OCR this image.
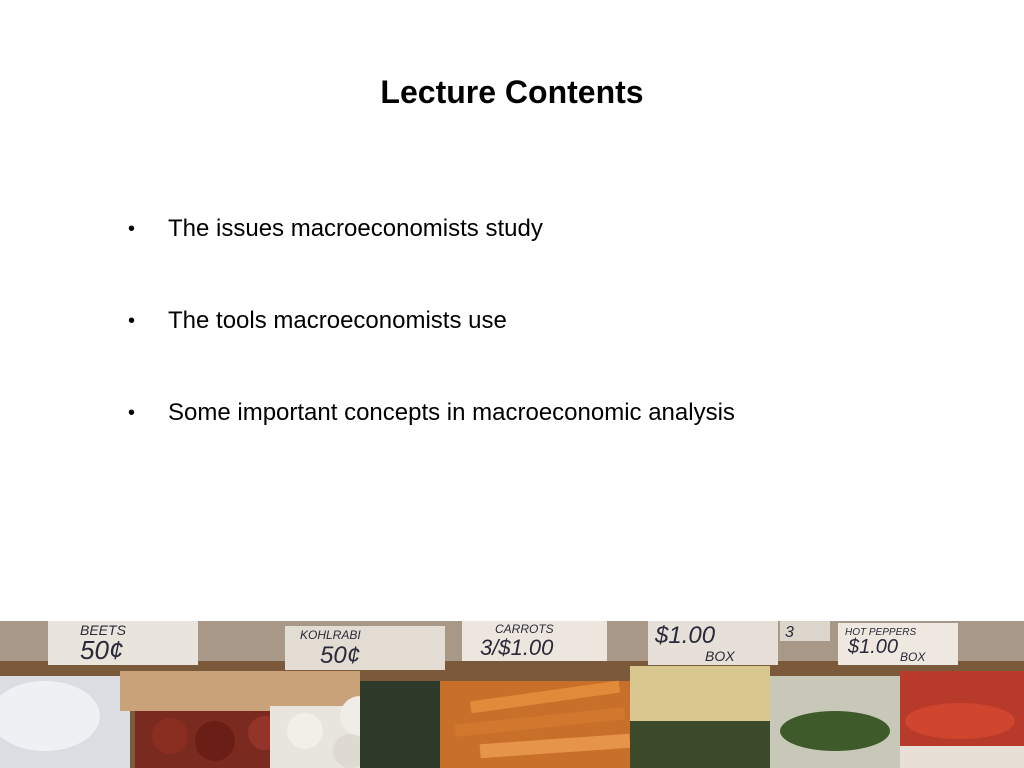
Lecture Contents
•	The issues macroeconomists study
•	The tools macroeconomists use
•	Some important concepts in macroeconomic analysis
BEETS
50¢	KOHLRABI
50¢
CARROTS
3/$1.00	$1.00
BOX
3	HOT PEPPERS
$1.00 BOX
